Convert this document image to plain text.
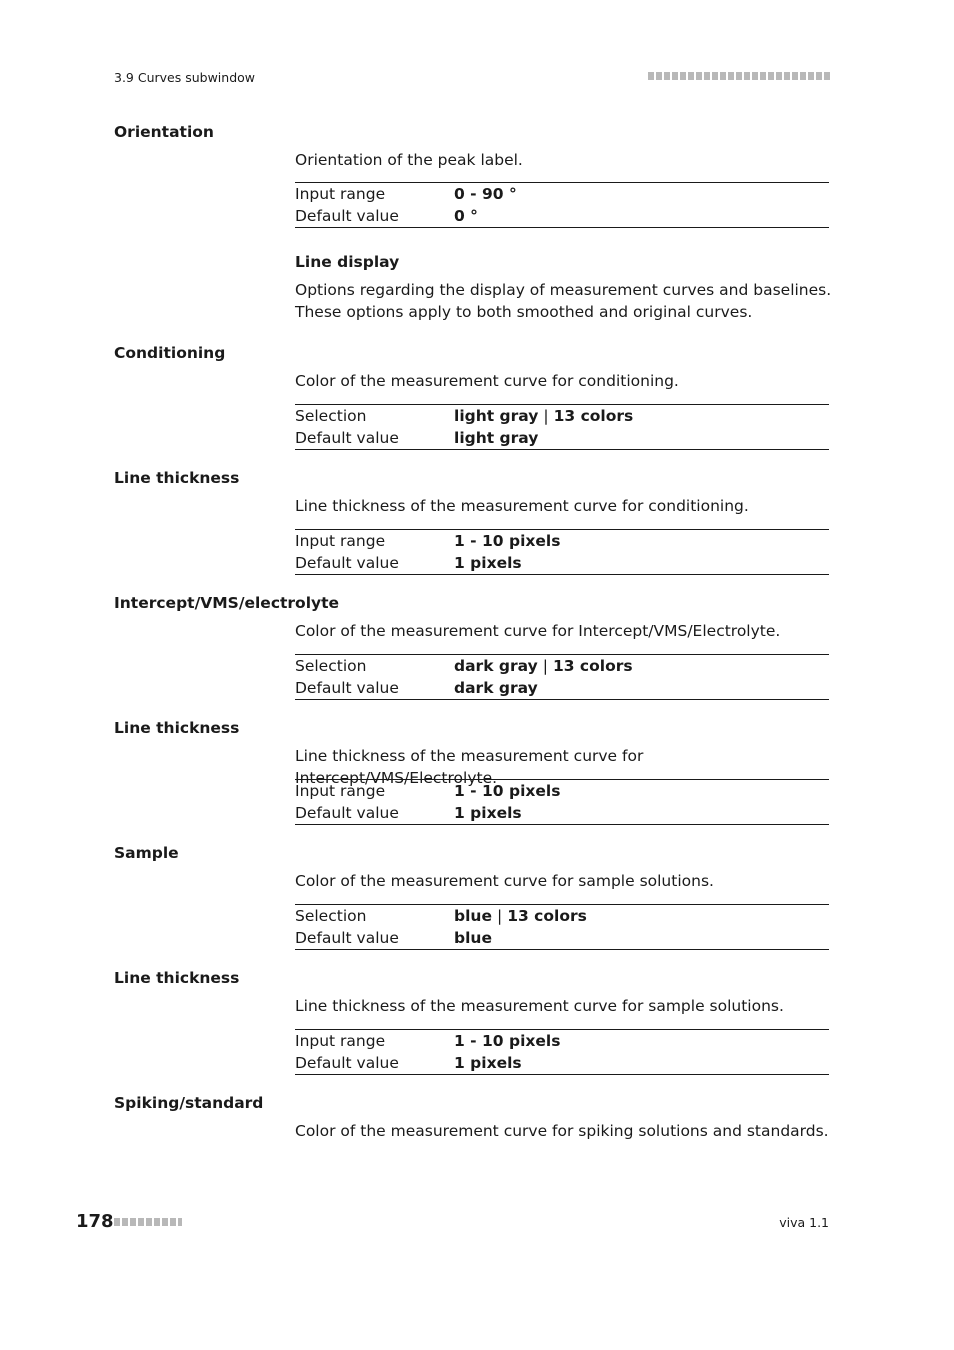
3.9 Curves subwindow
Orientation
Orientation of the peak label.
Input range	0 - 90 °
Default value	0 °
Line display
Options regarding the display of measurement curves and baselines. These options apply to both smoothed and original curves.
Conditioning
Color of the measurement curve for conditioning.
Selection	light gray | 13 colors
Default value	light gray
Line thickness
Line thickness of the measurement curve for conditioning.
Input range	1 - 10 pixels
Default value	1 pixels
Intercept/VMS/electrolyte
Color of the measurement curve for Intercept/VMS/Electrolyte.
Selection	dark gray | 13 colors
Default value	dark gray
Line thickness
Line thickness of the measurement curve for Intercept/VMS/Electrolyte.
Input range	1 - 10 pixels
Default value	1 pixels
Sample
Color of the measurement curve for sample solutions.
Selection	blue | 13 colors
Default value	blue
Line thickness
Line thickness of the measurement curve for sample solutions.
Input range	1 - 10 pixels
Default value	1 pixels
Spiking/standard
Color of the measurement curve for spiking solutions and standards.
178	viva 1.1
